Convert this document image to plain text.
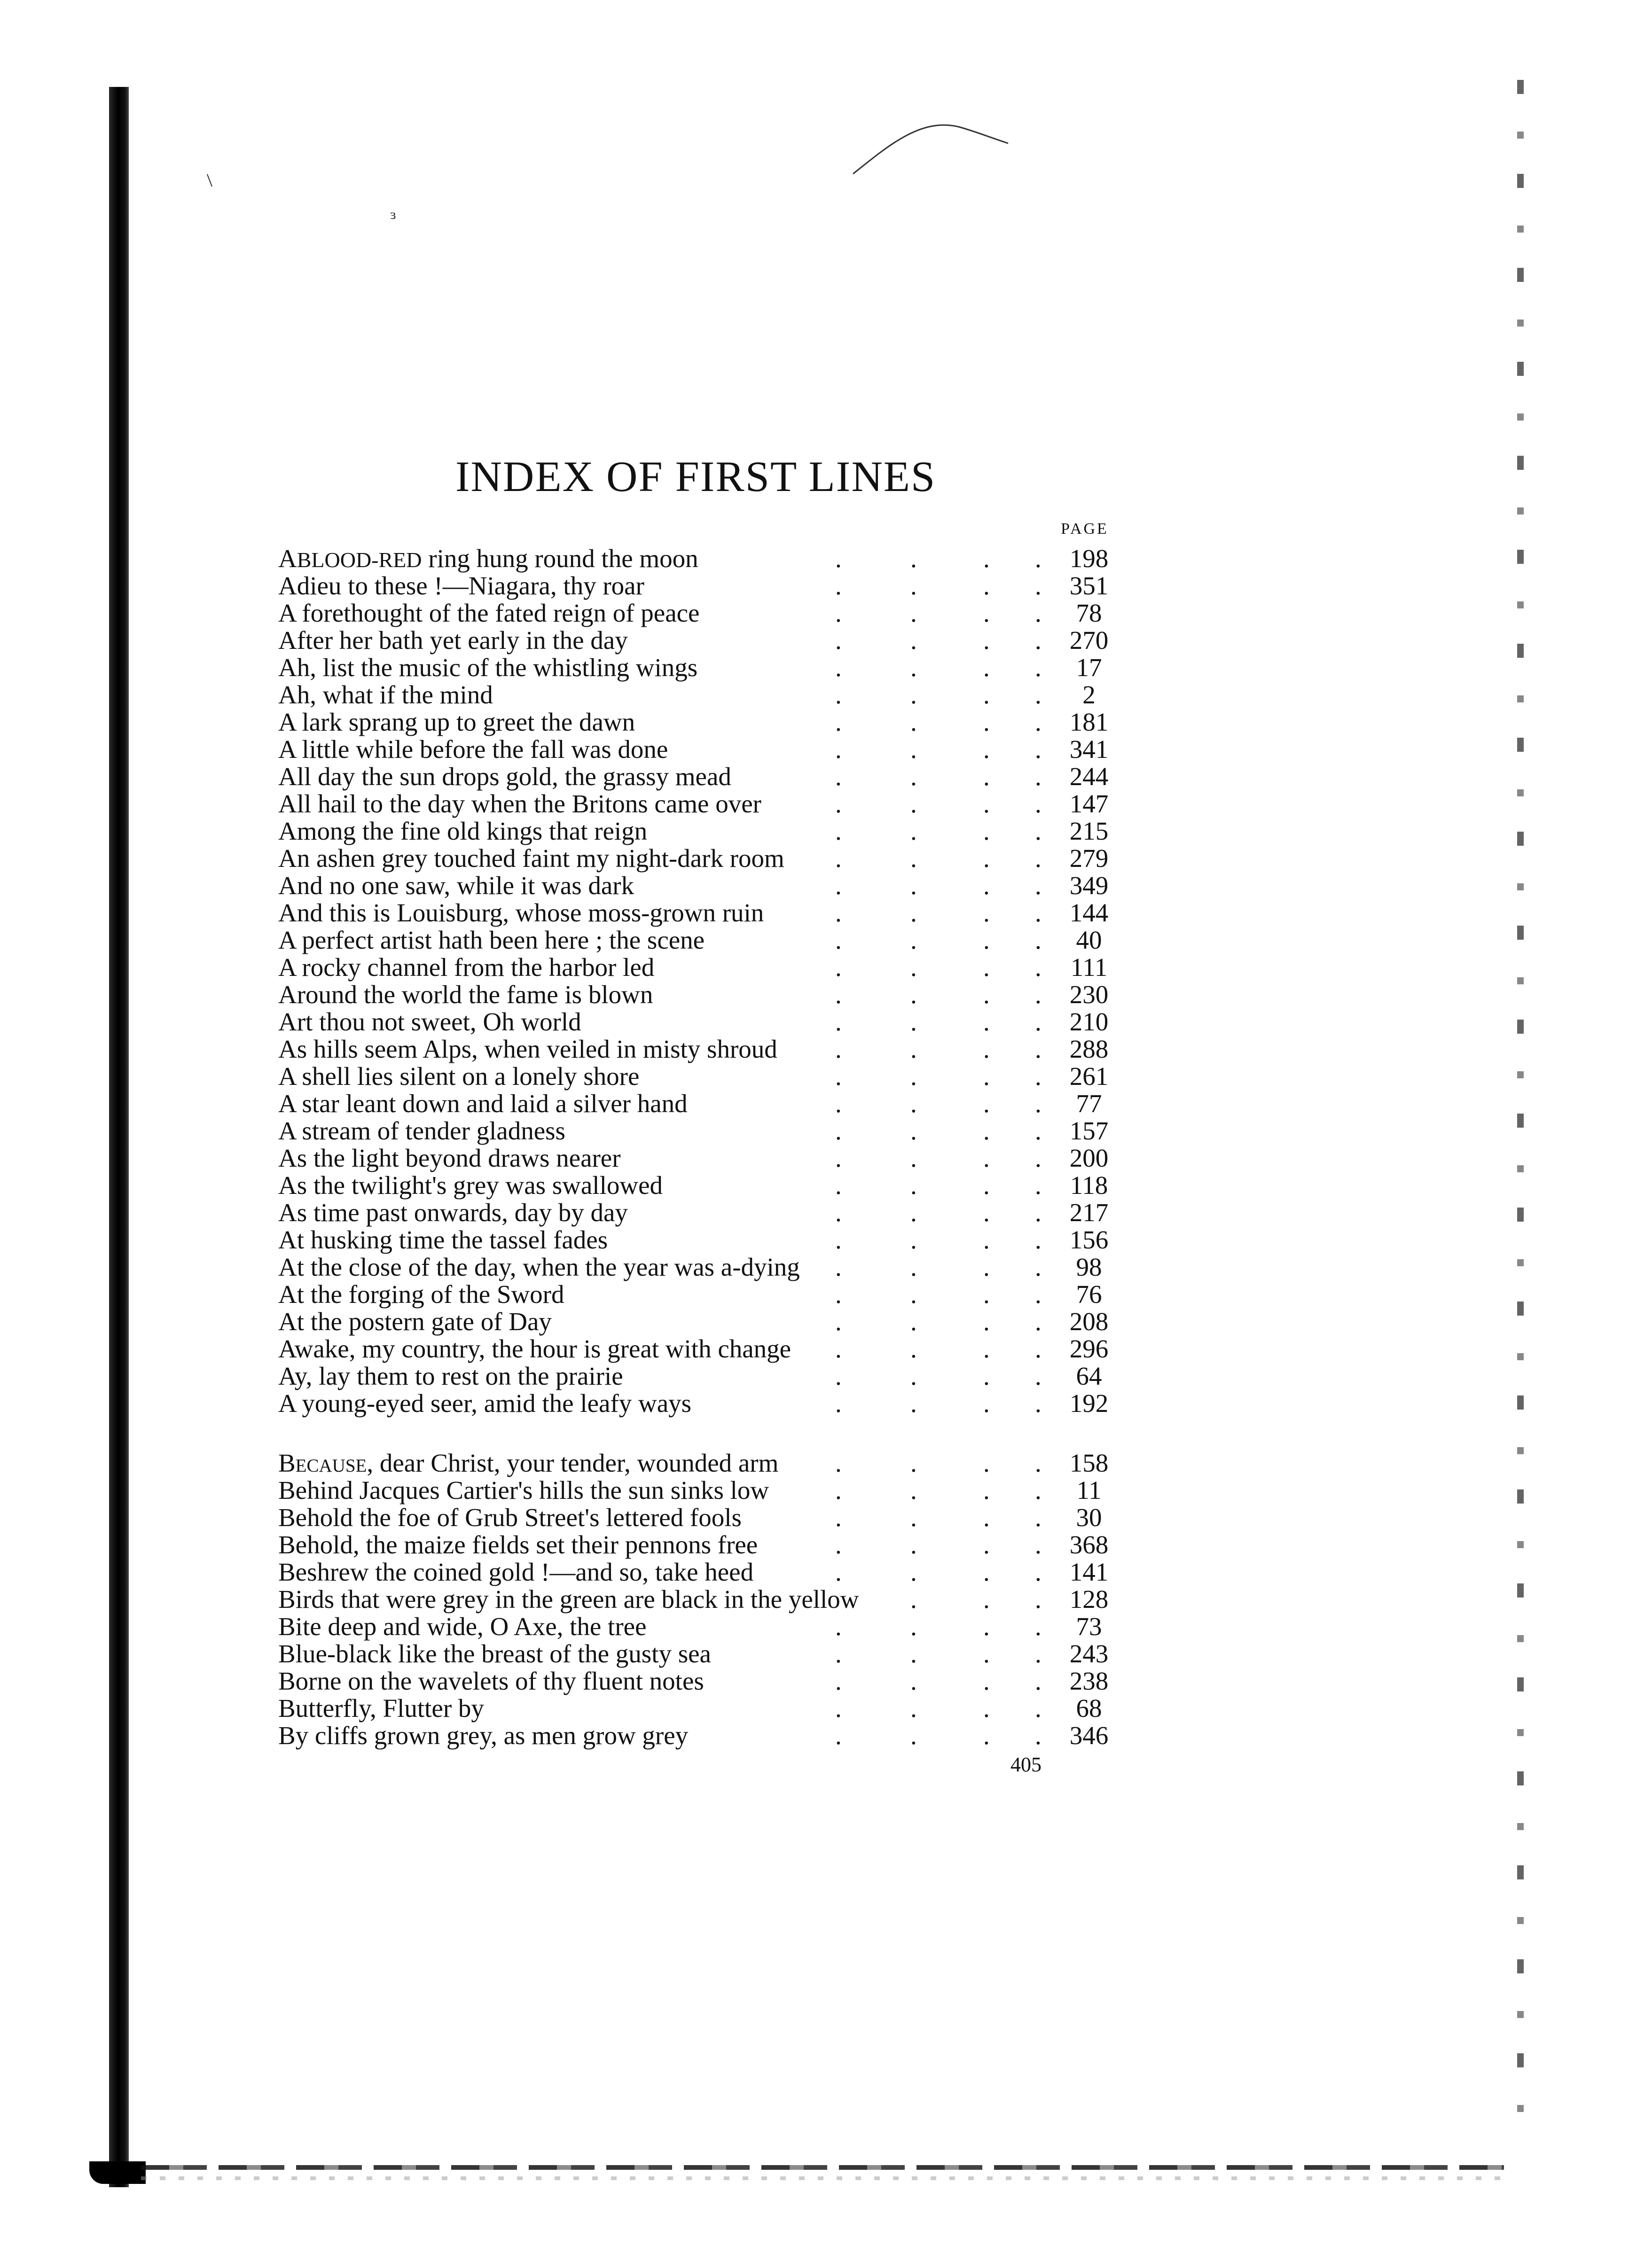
/
ɜ
INDEX OF FIRST LINES
PAGE
ABLOOD-RED ring hung round the moon	.	.	. .	198
Adieu to these !—Niagara, thy roar	.	.	. .	351
A forethought of the fated reign of peace	.	.	. .	78
After her bath yet early in the day	.	.	. .	270
Ah, list the music of the whistling wings	.	.	. .	17
Ah, what if the mind	.	.	. .	2
A lark sprang up to greet the dawn	.	.	. .	181
A little while before the fall was done	.	.	. .	341
All day the sun drops gold, the grassy mead	.	.	. .	244
All hail to the day when the Britons came over	.	.	. .	147
Among the fine old kings that reign	.	.	. .	215
An ashen grey touched faint my night-dark room .	.	. .	279
And no one saw, while it was dark	.	.	. .	349
And this is Louisburg, whose moss-grown ruin	.	.	. .	144
A perfect artist hath been here ; the scene	.	.	. .	40
A rocky channel from the harbor led	.	.	. .	111
Around the world the fame is blown	.	.	. .	230
Art thou not sweet, Oh world	.	.	. .	210
As hills seem Alps, when veiled in misty shroud .	.	. .	288
A shell lies silent on a lonely shore	.	.	. .	261
A star leant down and laid a silver hand	.	.	. .	77
A stream of tender gladness	.	.	. .	157
As the light beyond draws nearer	.	.	. .	200
As the twilight's grey was swallowed	.	.	. .	118
As time past onwards, day by day	.	.	. .	217
At husking time the tassel fades	.	.	. .	156
At the close of the day, when the year was a-dying .	.	. .	98
At the forging of the Sword	.	.	. .	76
At the postern gate of Day	.	.	. .	208
Awake, my country, the hour is great with change .	.	. .	296
Ay, lay them to rest on the prairie	.	.	. .	64
A young-eyed seer, amid the leafy ways	.	.	. .	192
Because, dear Christ, your tender, wounded arm .	.	. .	158
Behind Jacques Cartier's hills the sun sinks low	.	.	. .	11
Behold the foe of Grub Street's lettered fools	.	.	. .	30
Behold, the maize fields set their pennons free	.	.	. .	368
Beshrew the coined gold !—and so, take heed	.	.	. .	141
Birds that were grey in the green are black in the yellow .	. .	128
Bite deep and wide, O Axe, the tree	.	.	. .	73
Blue-black like the breast of the gusty sea	.	.	. .	243
Borne on the wavelets of thy fluent notes	.	.	. .	238
Butterfly, Flutter by	.	.	. .	68
By cliffs grown grey, as men grow grey	.	.	. .	346
405
